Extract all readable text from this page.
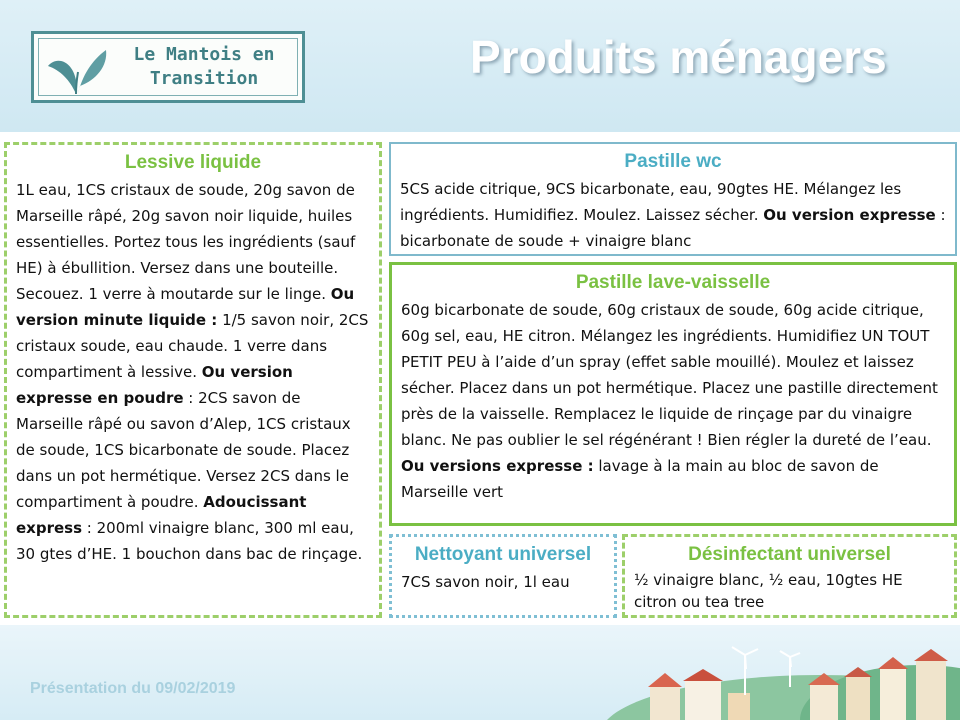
Le Mantois en
Transition	Produits ménagers
Lessive liquide

1L eau, 1CS cristaux de soude, 20g savon de Marseille râpé, 20g savon noir liquide, huiles essentielles. Portez tous les ingrédients (sauf HE) à ébullition. Versez dans une bouteille. Secouez. 1 verre à moutarde sur le linge. Ou version minute liquide : 1/5 savon noir, 2CS cristaux soude, eau chaude. 1 verre dans compartiment à lessive. Ou version expresse en poudre : 2CS savon de Marseille râpé ou savon d’Alep, 1CS cristaux de soude, 1CS bicarbonate de soude. Placez dans un pot hermétique. Versez 2CS dans le compartiment à poudre. Adoucissant express : 200ml vinaigre blanc, 300 ml eau, 30 gtes d’HE. 1 bouchon dans bac de rinçage.

Pastille wc

5CS acide citrique, 9CS bicarbonate, eau, 90gtes HE. Mélangez les ingrédients. Humidifiez. Moulez. Laissez sécher. Ou version expresse : bicarbonate de soude + vinaigre blanc

Pastille lave-vaisselle

60g bicarbonate de soude, 60g cristaux de soude, 60g acide citrique, 60g sel, eau, HE citron. Mélangez les ingrédients. Humidifiez UN TOUT PETIT PEU à l’aide d’un spray (effet sable mouillé). Moulez et laissez sécher. Placez dans un pot hermétique. Placez une pastille directement près de la vaisselle. Remplacez le liquide de rinçage par du vinaigre blanc. Ne pas oublier le sel régénérant ! Bien régler la dureté de l’eau. Ou versions expresse : lavage à la main au bloc de savon de Marseille vert

Nettoyant universel

7CS savon noir, 1l eau

Désinfectant universel

½ vinaigre blanc, ½ eau, 10gtes HE citron ou tea tree

Présentation du 09/02/2019
